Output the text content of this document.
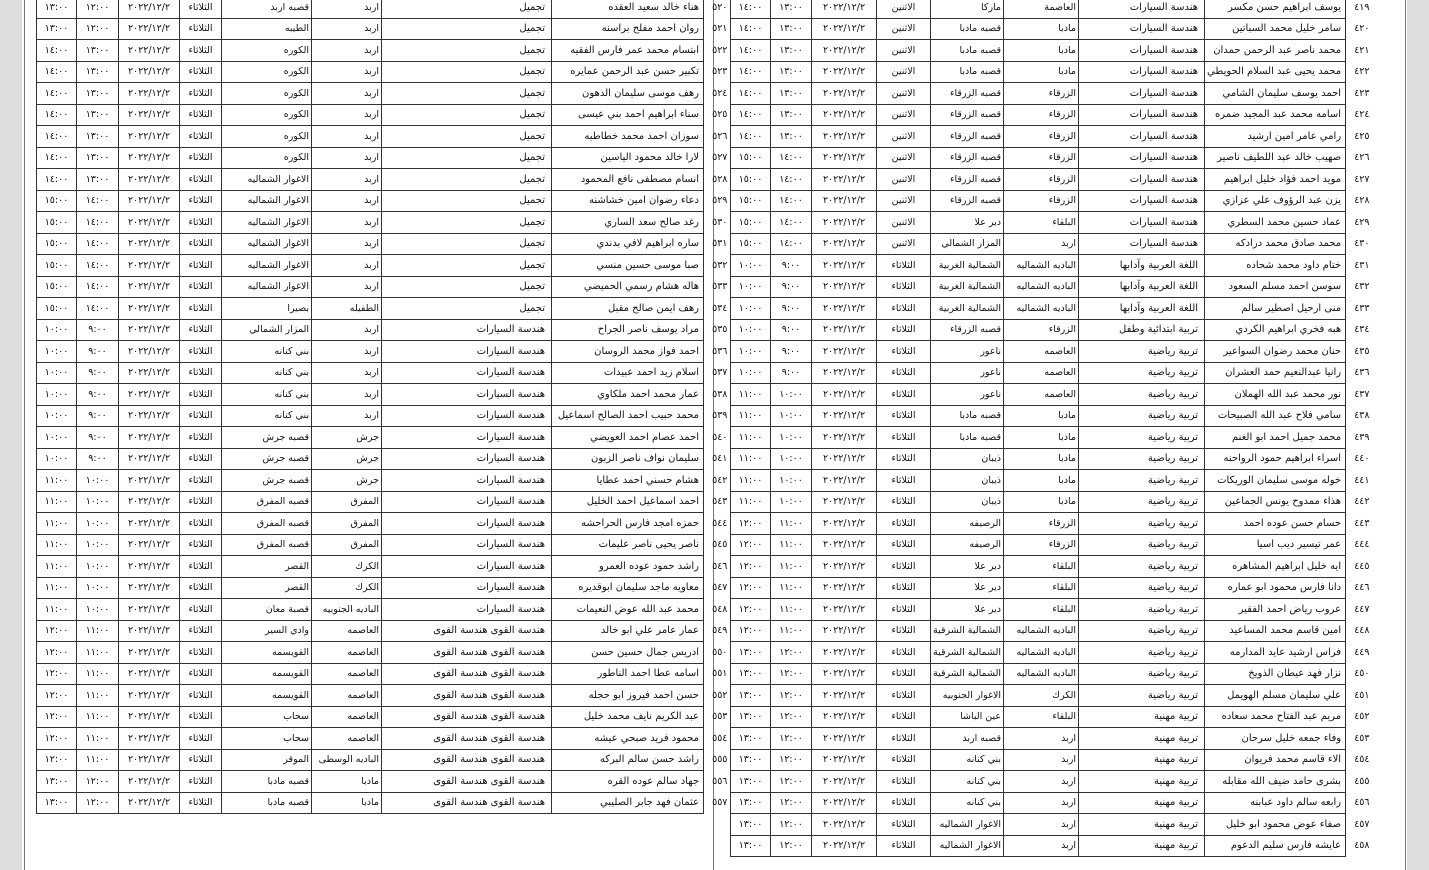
٤١٩	يوسف ابراهيم حسن مكسر	هندسة السيارات	العاصمة	ماركا	الاثنين	٢٠٢٢/١٢/٢	١٣:٠٠	١٤:٠٠
٤٢٠	سامر خليل محمد السباتين	هندسة السيارات	مادبا	قصبه مادبا	الاثنين	٢٠٢٢/١٢/٢	١٣:٠٠	١٤:٠٠
٤٢١	محمد ناصر عبد الرحمن حمدان	هندسة السيارات	مادبا	قصبه مادبا	الاثنين	٢٠٢٢/١٢/٢	١٣:٠٠	١٤:٠٠
٤٢٢	محمد يحيى عبد السلام الحويطي	هندسة السيارات	مادبا	قصبه مادبا	الاثنين	٢٠٢٢/١٢/٢	١٣:٠٠	١٤:٠٠
٤٢٣	احمد يوسف سليمان الشامي	هندسة السيارات	الزرقاء	قصبه الزرقاء	الاثنين	٢٠٢٢/١٢/٢	١٣:٠٠	١٤:٠٠
٤٢٤	اسامه محمد عبد المجيد ضمره	هندسة السيارات	الزرقاء	قصبه الزرقاء	الاثنين	٢٠٢٢/١٢/٢	١٣:٠٠	١٤:٠٠
٤٢٥	رامي عامر امين ارشيد	هندسة السيارات	الزرقاء	قصبه الزرقاء	الاثنين	٢٠٢٢/١٢/٢	١٣:٠٠	١٤:٠٠
٤٢٦	صهيب خالد عبد اللطيف ناصير	هندسة السيارات	الزرقاء	قصبه الزرقاء	الاثنين	٢٠٢٢/١٢/٢	١٤:٠٠	١٥:٠٠
٤٢٧	مويد احمد فؤاد خليل ابراهيم	هندسة السيارات	الزرقاء	قصبه الزرقاء	الاثنين	٢٠٢٢/١٢/٢	١٤:٠٠	١٥:٠٠
٤٢٨	يزن عبد الرؤوف علي عزازي	هندسة السيارات	الزرقاء	قصبه الزرقاء	الاثنين	٢٠٢٢/١٢/٢	١٤:٠٠	١٥:٠٠
٤٢٩	عماد حسين محمد السطري	هندسة السيارات	البلقاء	دير علا	الاثنين	٢٠٢٢/١٢/٢	١٤:٠٠	١٥:٠٠
٤٣٠	محمد صادق محمد درادكه	هندسة السيارات	اربد	المزار الشمالي	الاثنين	٢٠٢٢/١٢/٢	١٤:٠٠	١٥:٠٠
٤٣١	ختام داود محمد شحاده	اللغة العربية وآدابها	الباديه الشماليه	الشمالية الغربية	الثلاثاء	٢٠٢٢/١٢/٢	٩:٠٠	١٠:٠٠
٤٣٢	سوسن احمد مسلم السعود	اللغة العربية وآدابها	الباديه الشماليه	الشمالية الغربية	الثلاثاء	٢٠٢٢/١٢/٢	٩:٠٠	١٠:٠٠
٤٣٣	منى ارحيل اصطير سالم	اللغة العربية وآدابها	الباديه الشماليه	الشمالية الغربية	الثلاثاء	٢٠٢٢/١٢/٢	٩:٠٠	١٠:٠٠
٤٣٤	هبه فخري ابراهيم الكردي	تربية ابتدائية وطفل	الزرقاء	قصبه الزرقاء	الثلاثاء	٢٠٢٢/١٢/٢	٩:٠٠	١٠:٠٠
٤٣٥	حنان محمد رضوان السواعير	تربية رياضية	العاصمه	ناعور	الثلاثاء	٢٠٢٢/١٢/٢	٩:٠٠	١٠:٠٠
٤٣٦	رانيا عبدالنعيم حمد العشران	تربية رياضية	العاصمه	ناعور	الثلاثاء	٢٠٢٢/١٢/٢	٩:٠٠	١٠:٠٠
٤٣٧	نور محمد عبد الله الهملان	تربية رياضية	العاصمه	ناعور	الثلاثاء	٢٠٢٢/١٢/٢	١٠:٠٠	١١:٠٠
٤٣٨	سامي فلاح عبد الله الصبيحات	تربية رياضية	مادبا	قصبه مادبا	الثلاثاء	٢٠٢٢/١٢/٢	١٠:٠٠	١١:٠٠
٤٣٩	محمد جميل احمد ابو الغنم	تربية رياضية	مادبا	قصبه مادبا	الثلاثاء	٢٠٢٢/١٢/٢	١٠:٠٠	١١:٠٠
٤٤٠	اسراء ابراهيم حمود الرواحنه	تربية رياضية	مادبا	ذيبان	الثلاثاء	٢٠٢٢/١٢/٢	١٠:٠٠	١١:٠٠
٤٤١	خوله موسى سليمان الوريكات	تربية رياضية	مادبا	ذيبان	الثلاثاء	٢٠٢٢/١٢/٢	١٠:٠٠	١١:٠٠
٤٤٢	هذاء ممدوح يونس الجماعين	تربية رياضية	مادبا	ذيبان	الثلاثاء	٢٠٢٢/١٢/٢	١٠:٠٠	١١:٠٠
٤٤٣	حسام حسن عوده احمد	تربية رياضية	الزرقاء	الرصيفه	الثلاثاء	٢٠٢٢/١٢/٢	١١:٠٠	١٢:٠٠
٤٤٤	عمر تيسير ديب اسيا	تربية رياضية	الزرقاء	الرصيفه	الثلاثاء	٢٠٢٢/١٢/٢	١١:٠٠	١٢:٠٠
٤٤٥	ايه خليل ابراهيم المشاهره	تربية رياضية	البلقاء	دير علا	الثلاثاء	٢٠٢٢/١٢/٢	١١:٠٠	١٢:٠٠
٤٤٦	دانا فارس محمود ابو عماره	تربية رياضية	البلقاء	دير علا	الثلاثاء	٢٠٢٢/١٢/٢	١١:٠٠	١٢:٠٠
٤٤٧	عروب رياض احمد الفقير	تربية رياضية	البلقاء	دير علا	الثلاثاء	٢٠٢٢/١٢/٢	١١:٠٠	١٢:٠٠
٤٤٨	امين قاسم محمد المساعيد	تربية رياضية	الباديه الشماليه	الشمالية الشرقية	الثلاثاء	٢٠٢٢/١٢/٢	١١:٠٠	١٢:٠٠
٤٤٩	فراس ارشيد عايد المدارمه	تربية رياضية	الباديه الشماليه	الشمالية الشرقية	الثلاثاء	٢٠٢٢/١٢/٢	١٢:٠٠	١٣:٠٠
٤٥٠	نزار فهد عيطان الذويخ	تربية رياضية	الباديه الشماليه	الشمالية الشرقية	الثلاثاء	٢٠٢٢/١٢/٢	١٢:٠٠	١٣:٠٠
٤٥١	علي سليمان مسلم الهويمل	تربية رياضية	الكرك	الاغوار الجنوبيه	الثلاثاء	٢٠٢٢/١٢/٢	١٢:٠٠	١٣:٠٠
٤٥٢	مريم عبد الفتاح محمد سعاده	تربية مهنية	البلقاء	عين الباشا	الثلاثاء	٢٠٢٢/١٢/٢	١٢:٠٠	١٣:٠٠
٤٥٣	وفاء جمعه خليل سرحان	تربية مهنية	اربد	قصبه اربد	الثلاثاء	٢٠٢٢/١٢/٢	١٢:٠٠	١٣:٠٠
٤٥٤	الاء قاسم محمد فريوان	تربية مهنية	اربد	بني كنانه	الثلاثاء	٢٠٢٢/١٢/٢	١٢:٠٠	١٣:٠٠
٤٥٥	بشرى حامد ضيف الله مقابله	تربية مهنية	اربد	بني كنانه	الثلاثاء	٢٠٢٢/١٢/٢	١٢:٠٠	١٣:٠٠
٤٥٦	رابعه سالم داود عبابنه	تربية مهنية	اربد	بني كنانه	الثلاثاء	٢٠٢٢/١٢/٢	١٢:٠٠	١٣:٠٠
٤٥٧	صفاء عوض محمود ابو خليل	تربية مهنية	اربد	الاغوار الشماليه	الثلاثاء	٢٠٢٢/١٢/٢	١٢:٠٠	١٣:٠٠
٤٥٨	عايشه فارس سليم الدعوم	تربية مهنية	اربد	الاغوار الشماليه	الثلاثاء	٢٠٢٢/١٢/٢	١٢:٠٠	١٣:٠٠
٥٢٠	هناء خالد سعيد العقده	تجميل	اربد	قصبه اربد	الثلاثاء	٢٠٢٢/١٢/٢	١٢:٠٠	١٣:٠٠
٥٢١	روان احمد مفلح براسنه	تجميل	اربد	الطيبه	الثلاثاء	٢٠٢٢/١٢/٢	١٢:٠٠	١٣:٠٠
٥٢٢	ابتسام محمد عمر فارس الفقيه	تجميل	اربد	الكوره	الثلاثاء	٢٠٢٢/١٢/٢	١٣:٠٠	١٤:٠٠
٥٢٣	تكبير حسن عبد الرحمن عمايره	تجميل	اربد	الكوره	الثلاثاء	٢٠٢٢/١٢/٢	١٣:٠٠	١٤:٠٠
٥٢٤	رهف موسى سليمان الدهون	تجميل	اربد	الكوره	الثلاثاء	٢٠٢٢/١٢/٢	١٣:٠٠	١٤:٠٠
٥٢٥	سناء ابراهيم احمد بني عيسى	تجميل	اربد	الكوره	الثلاثاء	٢٠٢٢/١٢/٢	١٣:٠٠	١٤:٠٠
٥٢٦	سوزان احمد محمد خطاطبه	تجميل	اربد	الكوره	الثلاثاء	٢٠٢٢/١٢/٢	١٣:٠٠	١٤:٠٠
٥٢٧	لارا خالد محمود الياسين	تجميل	اربد	الكوره	الثلاثاء	٢٠٢٢/١٢/٢	١٣:٠٠	١٤:٠٠
٥٢٨	انسام مصطفى نافع المحمود	تجميل	اربد	الاغوار الشماليه	الثلاثاء	٢٠٢٢/١٢/٢	١٣:٠٠	١٤:٠٠
٥٢٩	دعاء رضوان امين خشاشنه	تجميل	اربد	الاغوار الشماليه	الثلاثاء	٢٠٢٢/١٢/٢	١٤:٠٠	١٥:٠٠
٥٣٠	رغد صالح سعد الساري	تجميل	اربد	الاغوار الشماليه	الثلاثاء	٢٠٢٢/١٢/٢	١٤:٠٠	١٥:٠٠
٥٣١	ساره ابراهيم لافي بدندي	تجميل	اربد	الاغوار الشماليه	الثلاثاء	٢٠٢٢/١٢/٢	١٤:٠٠	١٥:٠٠
٥٣٢	صبا موسى حسين منسي	تجميل	اربد	الاغوار الشماليه	الثلاثاء	٢٠٢٢/١٢/٢	١٤:٠٠	١٥:٠٠
٥٣٣	هاله هشام رسمي الحميضي	تجميل	اربد	الاغوار الشماليه	الثلاثاء	٢٠٢٢/١٢/٢	١٤:٠٠	١٥:٠٠
٥٣٤	رهف ايمن صالح مقبل	تجميل	الطفيله	بصيرا	الثلاثاء	٢٠٢٢/١٢/٢	١٤:٠٠	١٥:٠٠
٥٣٥	مراد يوسف ناصر الجراح	هندسة السيارات	اربد	المزار الشمالي	الثلاثاء	٢٠٢٢/١٢/٢	٩:٠٠	١٠:٠٠
٥٣٦	احمد فواز محمد الروسان	هندسة السيارات	اربد	بني كنانه	الثلاثاء	٢٠٢٢/١٢/٢	٩:٠٠	١٠:٠٠
٥٣٧	اسلام زيد احمد عبيدات	هندسة السيارات	اربد	بني كنانه	الثلاثاء	٢٠٢٢/١٢/٢	٩:٠٠	١٠:٠٠
٥٣٨	عمار محمد احمد ملكاوي	هندسة السيارات	اربد	بني كنانه	الثلاثاء	٢٠٢٢/١٢/٢	٩:٠٠	١٠:٠٠
٥٣٩	محمد حبيب احمد الصالح اسماعيل	هندسة السيارات	اربد	بني كنانه	الثلاثاء	٢٠٢٢/١٢/٢	٩:٠٠	١٠:٠٠
٥٤٠	احمد عصام احمد العويضي	هندسة السيارات	جرش	قصبه جرش	الثلاثاء	٢٠٢٢/١٢/٢	٩:٠٠	١٠:٠٠
٥٤١	سليمان نواف ناصر الزبون	هندسة السيارات	جرش	قصبه جرش	الثلاثاء	٢٠٢٢/١٢/٢	٩:٠٠	١٠:٠٠
٥٤٢	هشام حسني احمد عطايا	هندسة السيارات	جرش	قصبه جرش	الثلاثاء	٢٠٢٢/١٢/٢	١٠:٠٠	١١:٠٠
٥٤٣	احمد اسماعيل احمد الخليل	هندسة السيارات	المفرق	قصبه المفرق	الثلاثاء	٢٠٢٢/١٢/٢	١٠:٠٠	١١:٠٠
٥٤٤	حمزه امجد فارس الحراحشه	هندسة السيارات	المفرق	قصبه المفرق	الثلاثاء	٢٠٢٢/١٢/٢	١٠:٠٠	١١:٠٠
٥٤٥	ناصر يحيى ناصر عليمات	هندسة السيارات	المفرق	قصبه المفرق	الثلاثاء	٢٠٢٢/١٢/٢	١٠:٠٠	١١:٠٠
٥٤٦	راشد حمود عوده العمرو	هندسة السيارات	الكرك	القصر	الثلاثاء	٢٠٢٢/١٢/٢	١٠:٠٠	١١:٠٠
٥٤٧	معاويه ماجد سليمان ابوقديره	هندسة السيارات	الكرك	القصر	الثلاثاء	٢٠٢٢/١٢/٢	١٠:٠٠	١١:٠٠
٥٤٨	محمد عبد الله عوض النعيمات	هندسة السيارات	الباديه الجنوبيه	قصبة معان	الثلاثاء	٢٠٢٢/١٢/٢	١٠:٠٠	١١:٠٠
٥٤٩	عمار عامر علي ابو خالد	هندسة القوى هندسة القوى	العاصمه	وادي السير	الثلاثاء	٢٠٢٢/١٢/٢	١١:٠٠	١٢:٠٠
٥٥٠	ادريس جمال حسين حسن	هندسة القوى هندسة القوى	العاصمه	القويسمه	الثلاثاء	٢٠٢٢/١٢/٢	١١:٠٠	١٢:٠٠
٥٥١	اسامه عطا احمد الناطور	هندسة القوى هندسة القوى	العاصمه	القويسمه	الثلاثاء	٢٠٢٢/١٢/٢	١١:٠٠	١٢:٠٠
٥٥٢	حسن احمد فيروز ابو حجله	هندسة القوى هندسة القوى	العاصمه	القويسمه	الثلاثاء	٢٠٢٢/١٢/٢	١١:٠٠	١٢:٠٠
٥٥٣	عبد الكريم نايف محمد خليل	هندسة القوى هندسة القوى	العاصمه	سحاب	الثلاثاء	٢٠٢٢/١٢/٢	١١:٠٠	١٢:٠٠
٥٥٤	محمود فريد صبحي عيشه	هندسة القوى هندسة القوى	العاصمه	سحاب	الثلاثاء	٢٠٢٢/١٢/٢	١١:٠٠	١٢:٠٠
٥٥٥	راشد حسن سالم البركه	هندسة القوى هندسة القوى	الباديه الوسطى	الموقر	الثلاثاء	٢٠٢٢/١٢/٢	١١:٠٠	١٢:٠٠
٥٥٦	جهاد سالم عوده القره	هندسة القوى هندسة القوى	مادبا	قصبه مادبا	الثلاثاء	٢٠٢٢/١٢/٢	١٢:٠٠	١٣:٠٠
٥٥٧	عثمان فهد جابر الصليبي	هندسة القوى هندسة القوى	مادبا	قصبه مادبا	الثلاثاء	٢٠٢٢/١٢/٢	١٢:٠٠	١٣:٠٠
